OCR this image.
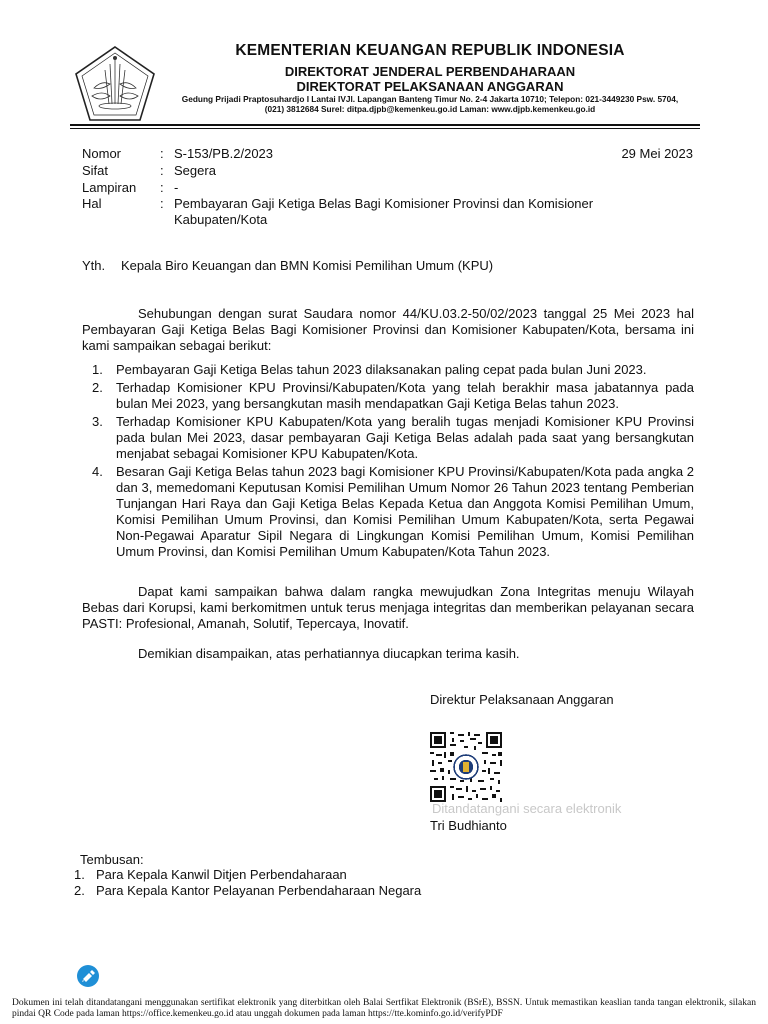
KEMENTERIAN KEUANGAN REPUBLIK INDONESIA
DIREKTORAT JENDERAL PERBENDAHARAAN
DIREKTORAT PELAKSANAAN ANGGARAN
Gedung Prijadi Praptosuhardjo I Lantai IVJl. Lapangan Banteng Timur No. 2-4 Jakarta 10710; Telepon: 021-3449230 Psw. 5704,
(021) 3812684 Surel: ditpa.djpb@kemenkeu.go.id Laman: www.djpb.kemenkeu.go.id
Nomor	: S-153/PB.2/2023	29 Mei 2023
Sifat	: Segera
Lampiran : -
Hal	: Pembayaran Gaji Ketiga Belas Bagi Komisioner Provinsi dan Komisioner
Kabupaten/Kota
Yth. Kepala Biro Keuangan dan BMN Komisi Pemilihan Umum (KPU)
Sehubungan dengan surat Saudara nomor 44/KU.03.2-50/02/2023 tanggal 25 Mei 2023 hal Pembayaran Gaji Ketiga Belas Bagi Komisioner Provinsi dan Komisioner Kabupaten/Kota, bersama ini kami sampaikan sebagai berikut:
1. Pembayaran Gaji Ketiga Belas tahun 2023 dilaksanakan paling cepat pada bulan Juni 2023.
2. Terhadap Komisioner KPU Provinsi/Kabupaten/Kota yang telah berakhir masa jabatannya pada bulan Mei 2023, yang bersangkutan masih mendapatkan Gaji Ketiga Belas tahun 2023.
3. Terhadap Komisioner KPU Kabupaten/Kota yang beralih tugas menjadi Komisioner KPU Provinsi pada bulan Mei 2023, dasar pembayaran Gaji Ketiga Belas adalah pada saat yang bersangkutan menjabat sebagai Komisioner KPU Kabupaten/Kota.
4. Besaran Gaji Ketiga Belas tahun 2023 bagi Komisioner KPU Provinsi/Kabupaten/Kota pada angka 2 dan 3, memedomani Keputusan Komisi Pemilihan Umum Nomor 26 Tahun 2023 tentang Pemberian Tunjangan Hari Raya dan Gaji Ketiga Belas Kepada Ketua dan Anggota Komisi Pemilihan Umum, Komisi Pemilihan Umum Provinsi, dan Komisi Pemilihan Umum Kabupaten/Kota, serta Pegawai Non-Pegawai Aparatur Sipil Negara di Lingkungan Komisi Pemilihan Umum, Komisi Pemilihan Umum Provinsi, dan Komisi Pemilihan Umum Kabupaten/Kota Tahun 2023.
Dapat kami sampaikan bahwa dalam rangka mewujudkan Zona Integritas menuju Wilayah Bebas dari Korupsi, kami berkomitmen untuk terus menjaga integritas dan memberikan pelayanan secara PASTI: Profesional, Amanah, Solutif, Tepercaya, Inovatif.
Demikian disampaikan, atas perhatiannya diucapkan terima kasih.
Direktur Pelaksanaan Anggaran
Ditandatangani secara elektronik
Tri Budhianto
Tembusan:
1. Para Kepala Kanwil Ditjen Perbendaharaan
2. Para Kepala Kantor Pelayanan Perbendaharaan Negara
Dokumen ini telah ditandatangani menggunakan sertifikat elektronik yang diterbitkan oleh Balai Sertfikat Elektronik (BSrE), BSSN. Untuk memastikan keaslian tanda tangan elektronik, silakan pindai QR Code pada laman https://office.kemenkeu.go.id atau unggah dokumen pada laman https://tte.kominfo.go.id/verifyPDF
